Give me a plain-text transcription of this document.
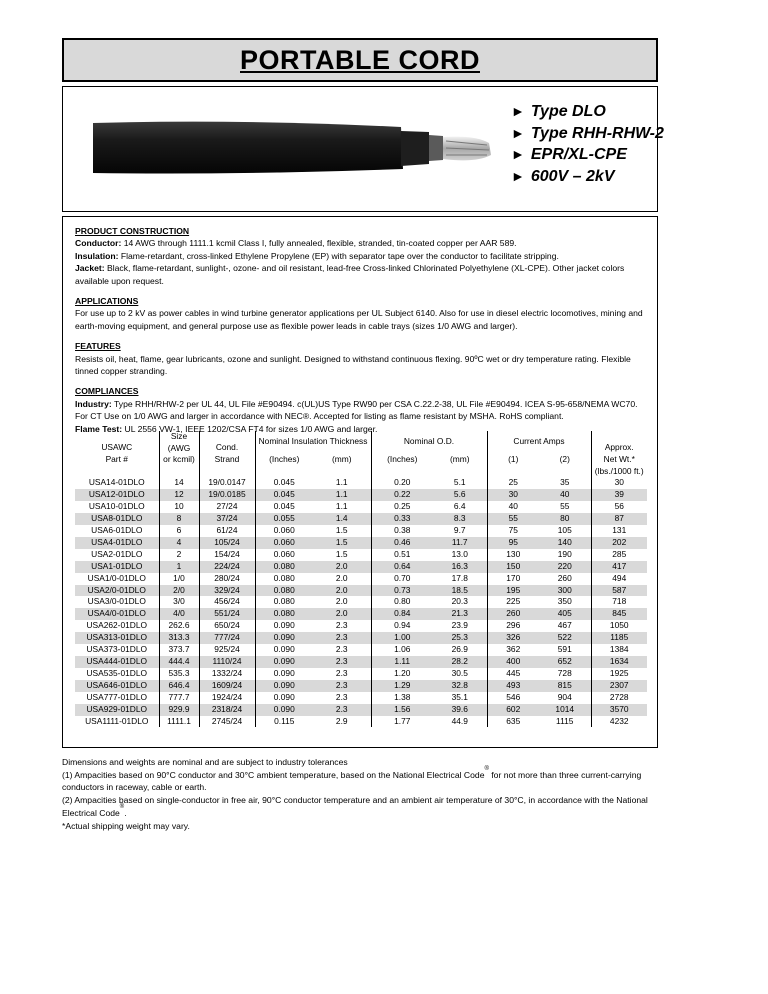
PORTABLE CORD
► Type DLO
► Type RHH-RHW-2
► EPR/XL-CPE
► 600V – 2kV
PRODUCT CONSTRUCTION
Conductor: 14 AWG through 1111.1 kcmil Class I, fully annealed, flexible, stranded, tin-coated copper per AAR 589.
Insulation: Flame-retardant, cross-linked Ethylene Propylene (EP) with separator tape over the conductor to facilitate stripping.
Jacket: Black, flame-retardant, sunlight-, ozone- and oil resistant, lead-free Cross-linked Chlorinated Polyethylene (XL-CPE). Other jacket colors available upon request.
APPLICATIONS
For use up to 2 kV as power cables in wind turbine generator applications per UL Subject 6140. Also for use in diesel electric locomotives, mining and earth-moving equipment, and general purpose use as flexible power leads in cable trays (sizes 1/0 AWG and larger).
FEATURES
Resists oil, heat, flame, gear lubricants, ozone and sunlight. Designed to withstand continuous flexing. 90ºC wet or dry temperature rating. Flexible tinned copper stranding.
COMPLIANCES
Industry: Type RHH/RHW-2 per UL 44, UL File #E90494. c(UL)US Type RW90 per CSA C.22.2-38, UL File #E90494. ICEA S-95-658/NEMA WC70. For CT Use on 1/0 AWG and larger in accordance with NEC®. Accepted for listing as flame resistant by MSHA. RoHS compliant.
Flame Test: UL 2556 VW-1, IEEE 1202/CSA FT4 for sizes 1/0 AWG and larger.
USAWC	Size
(AWG
or kcmil)	Cond.	Nominal Insulation Thickness		Nominal O.D.		Current Amps		Approx.

Part #		Strand	(Inches)	(mm)	(Inches)	(mm)	(1)	(2)	Net Wt.*
									(lbs./1000 ft.)
USA14-01DLO	14	19/0.0147	0.045	1.1	0.20	5.1	25	35	30
USA12-01DLO	12	19/0.0185	0.045	1.1	0.22	5.6	30	40	39
USA10-01DLO	10	27/24	0.045	1.1	0.25	6.4	40	55	56
USA8-01DLO	8	37/24	0.055	1.4	0.33	8.3	55	80	87
USA6-01DLO	6	61/24	0.060	1.5	0.38	9.7	75	105	131
USA4-01DLO	4	105/24	0.060	1.5	0.46	11.7	95	140	202
USA2-01DLO	2	154/24	0.060	1.5	0.51	13.0	130	190	285
USA1-01DLO	1	224/24	0.080	2.0	0.64	16.3	150	220	417
USA1/0-01DLO	1/0	280/24	0.080	2.0	0.70	17.8	170	260	494
USA2/0-01DLO	2/0	329/24	0.080	2.0	0.73	18.5	195	300	587
USA3/0-01DLO	3/0	456/24	0.080	2.0	0.80	20.3	225	350	718
USA4/0-01DLO	4/0	551/24	0.080	2.0	0.84	21.3	260	405	845
USA262-01DLO	262.6	650/24	0.090	2.3	0.94	23.9	296	467	1050
USA313-01DLO	313.3	777/24	0.090	2.3	1.00	25.3	326	522	1185
USA373-01DLO	373.7	925/24	0.090	2.3	1.06	26.9	362	591	1384
USA444-01DLO	444.4	1110/24	0.090	2.3	1.11	28.2	400	652	1634
USA535-01DLO	535.3	1332/24	0.090	2.3	1.20	30.5	445	728	1925
USA646-01DLO	646.4	1609/24	0.090	2.3	1.29	32.8	493	815	2307
USA777-01DLO	777.7	1924/24	0.090	2.3	1.38	35.1	546	904	2728
USA929-01DLO	929.9	2318/24	0.090	2.3	1.56	39.6	602	1014	3570
USA1111-01DLO	1111.1	2745/24	0.115	2.9	1.77	44.9	635	1115	4232
Dimensions and weights are nominal and are subject to industry tolerances
(1) Ampacities based on 90°C conductor and 30°C ambient temperature, based on the National Electrical Code® for not more than three current-carrying conductors in raceway, cable or earth.
(2) Ampacities based on single-conductor in free air, 90°C conductor temperature and an ambient air temperature of 30°C, in accordance with the National Electrical Code®.
*Actual shipping weight may vary.
